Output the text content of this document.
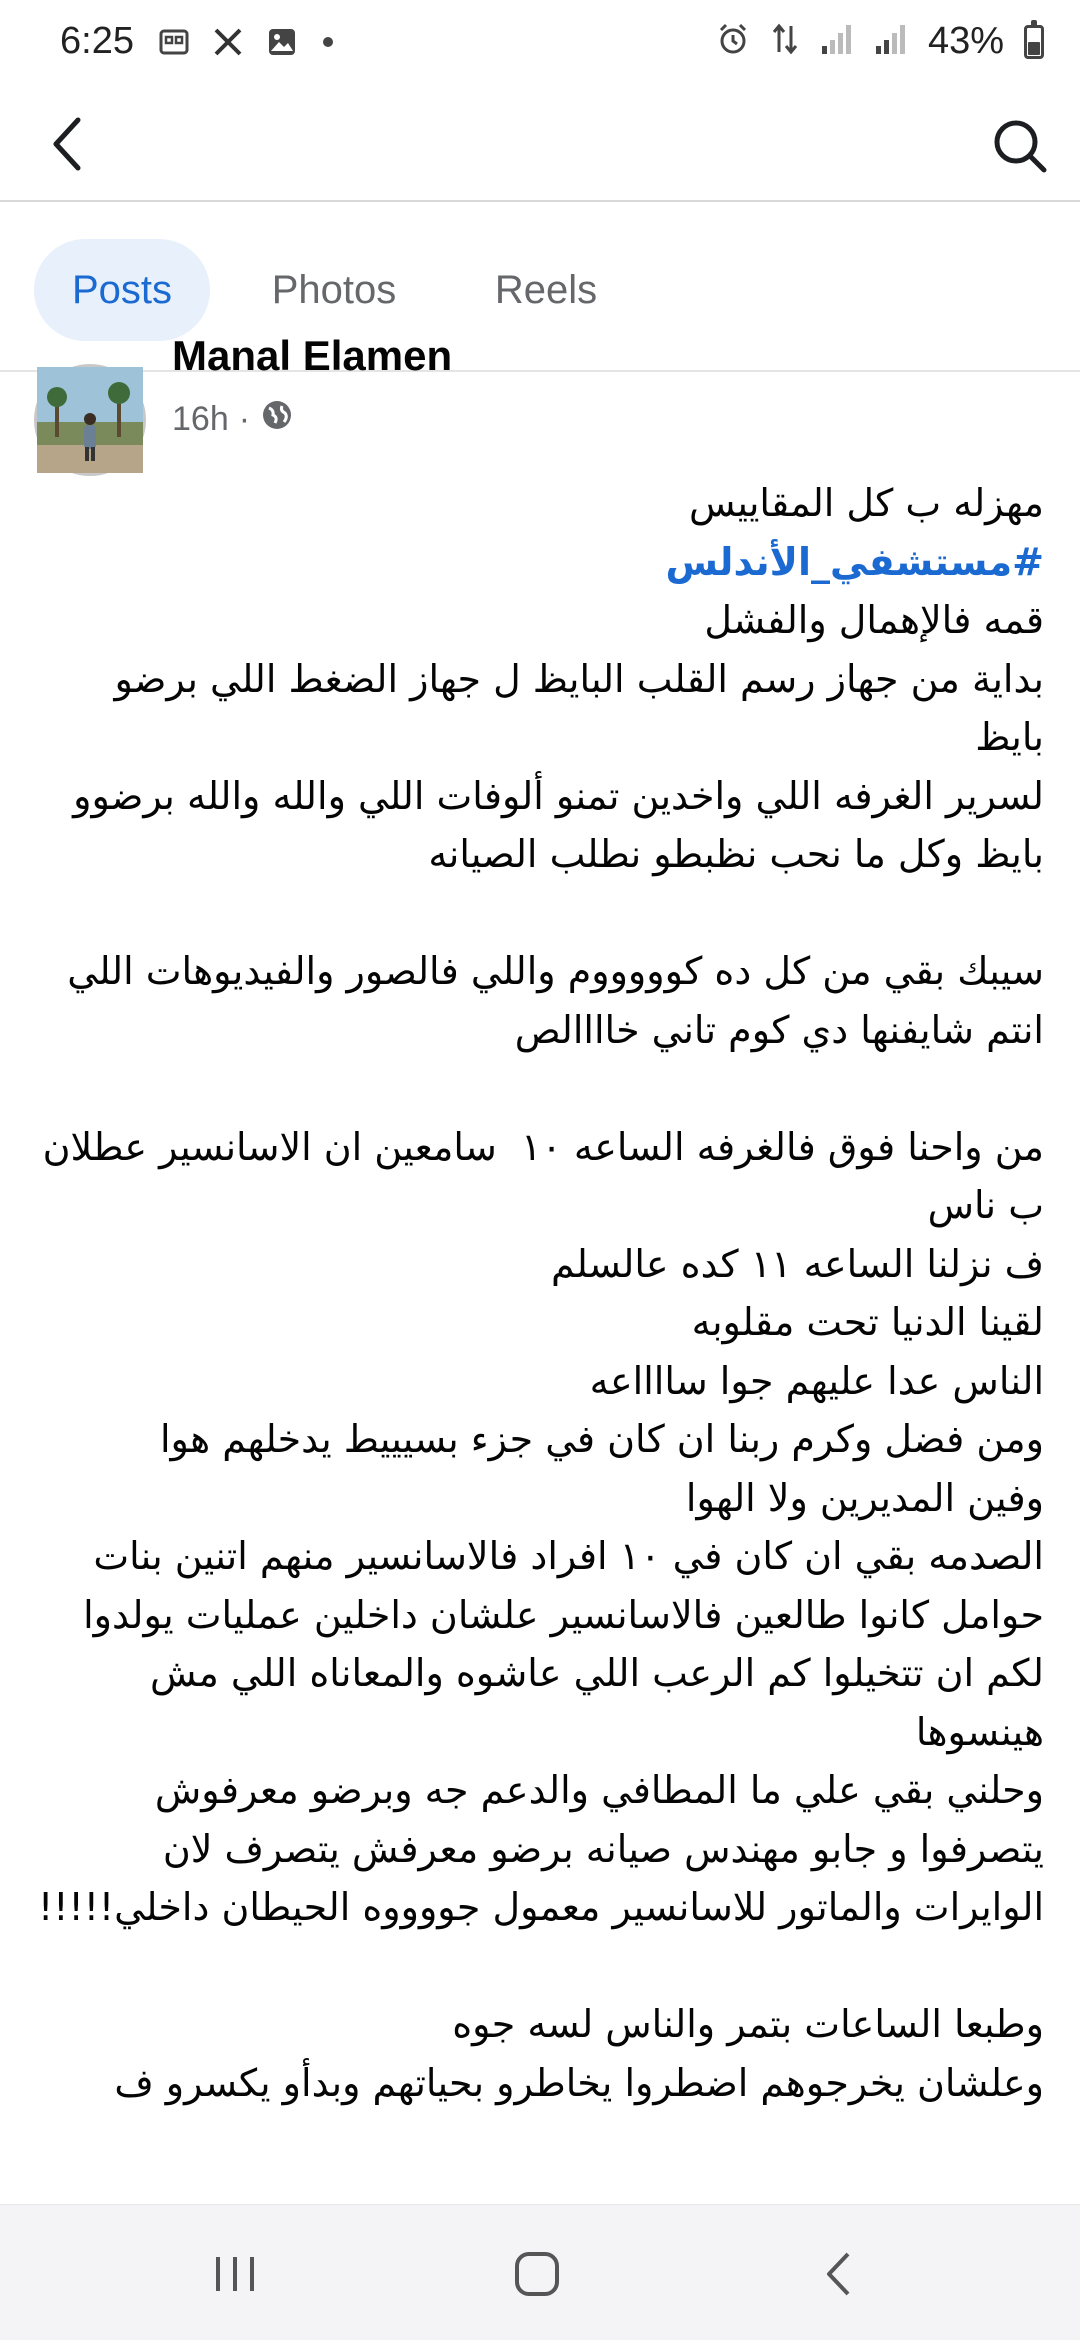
6:25	43%
Posts	Photos	Reels
Manal Elamen
16h ·
مهزله ب كل المقاييس
#مستشفي_الأندلس
قمه فالإهمال والفشل
بداية من جهاز رسم القلب البايظ ل جهاز الضغط اللي برضو بايظ
لسرير الغرفه اللي واخدين تمنو ألوفات اللي والله والله برضوو
بايظ وكل ما نحب نظبطو نطلب الصيانه
سيبك بقي من كل ده كوووووم واللي فالصور والفيديوهات اللي
انتم شايفنها دي كوم تاني خاااالص
من واحنا فوق فالغرفه الساعه ١٠  سامعين ان الاسانسير عطلان
ب ناس
ف نزلنا الساعه ١١ كده عالسلم
لقينا الدنيا تحت مقلوبه
الناس عدا عليهم جوا سااااعه
ومن فضل وكرم ربنا ان كان في جزء بسيييط يدخلهم هوا
وفين المديرين ولا الهوا
الصدمه بقي ان كان في ١٠ افراد فالاسانسير منهم اتنين بنات
حوامل كانوا طالعين فالاسانسير علشان داخلين عمليات يولدوا
لكم ان تتخيلوا كم الرعب اللي عاشوه والمعاناه اللي مش
هينسوها
وحلني بقي علي ما المطافي والدعم جه وبرضو معرفوش
يتصرفوا و جابو مهندس صيانه برضو معرفش يتصرف لان
الوايرات والماتور للاسانسير معمول جووووه الحيطان داخلي!!!!!
وطبعا الساعات بتمر والناس لسه جوه
وعلشان يخرجوهم اضطروا يخاطرو بحياتهم وبدأو يكسرو ف
